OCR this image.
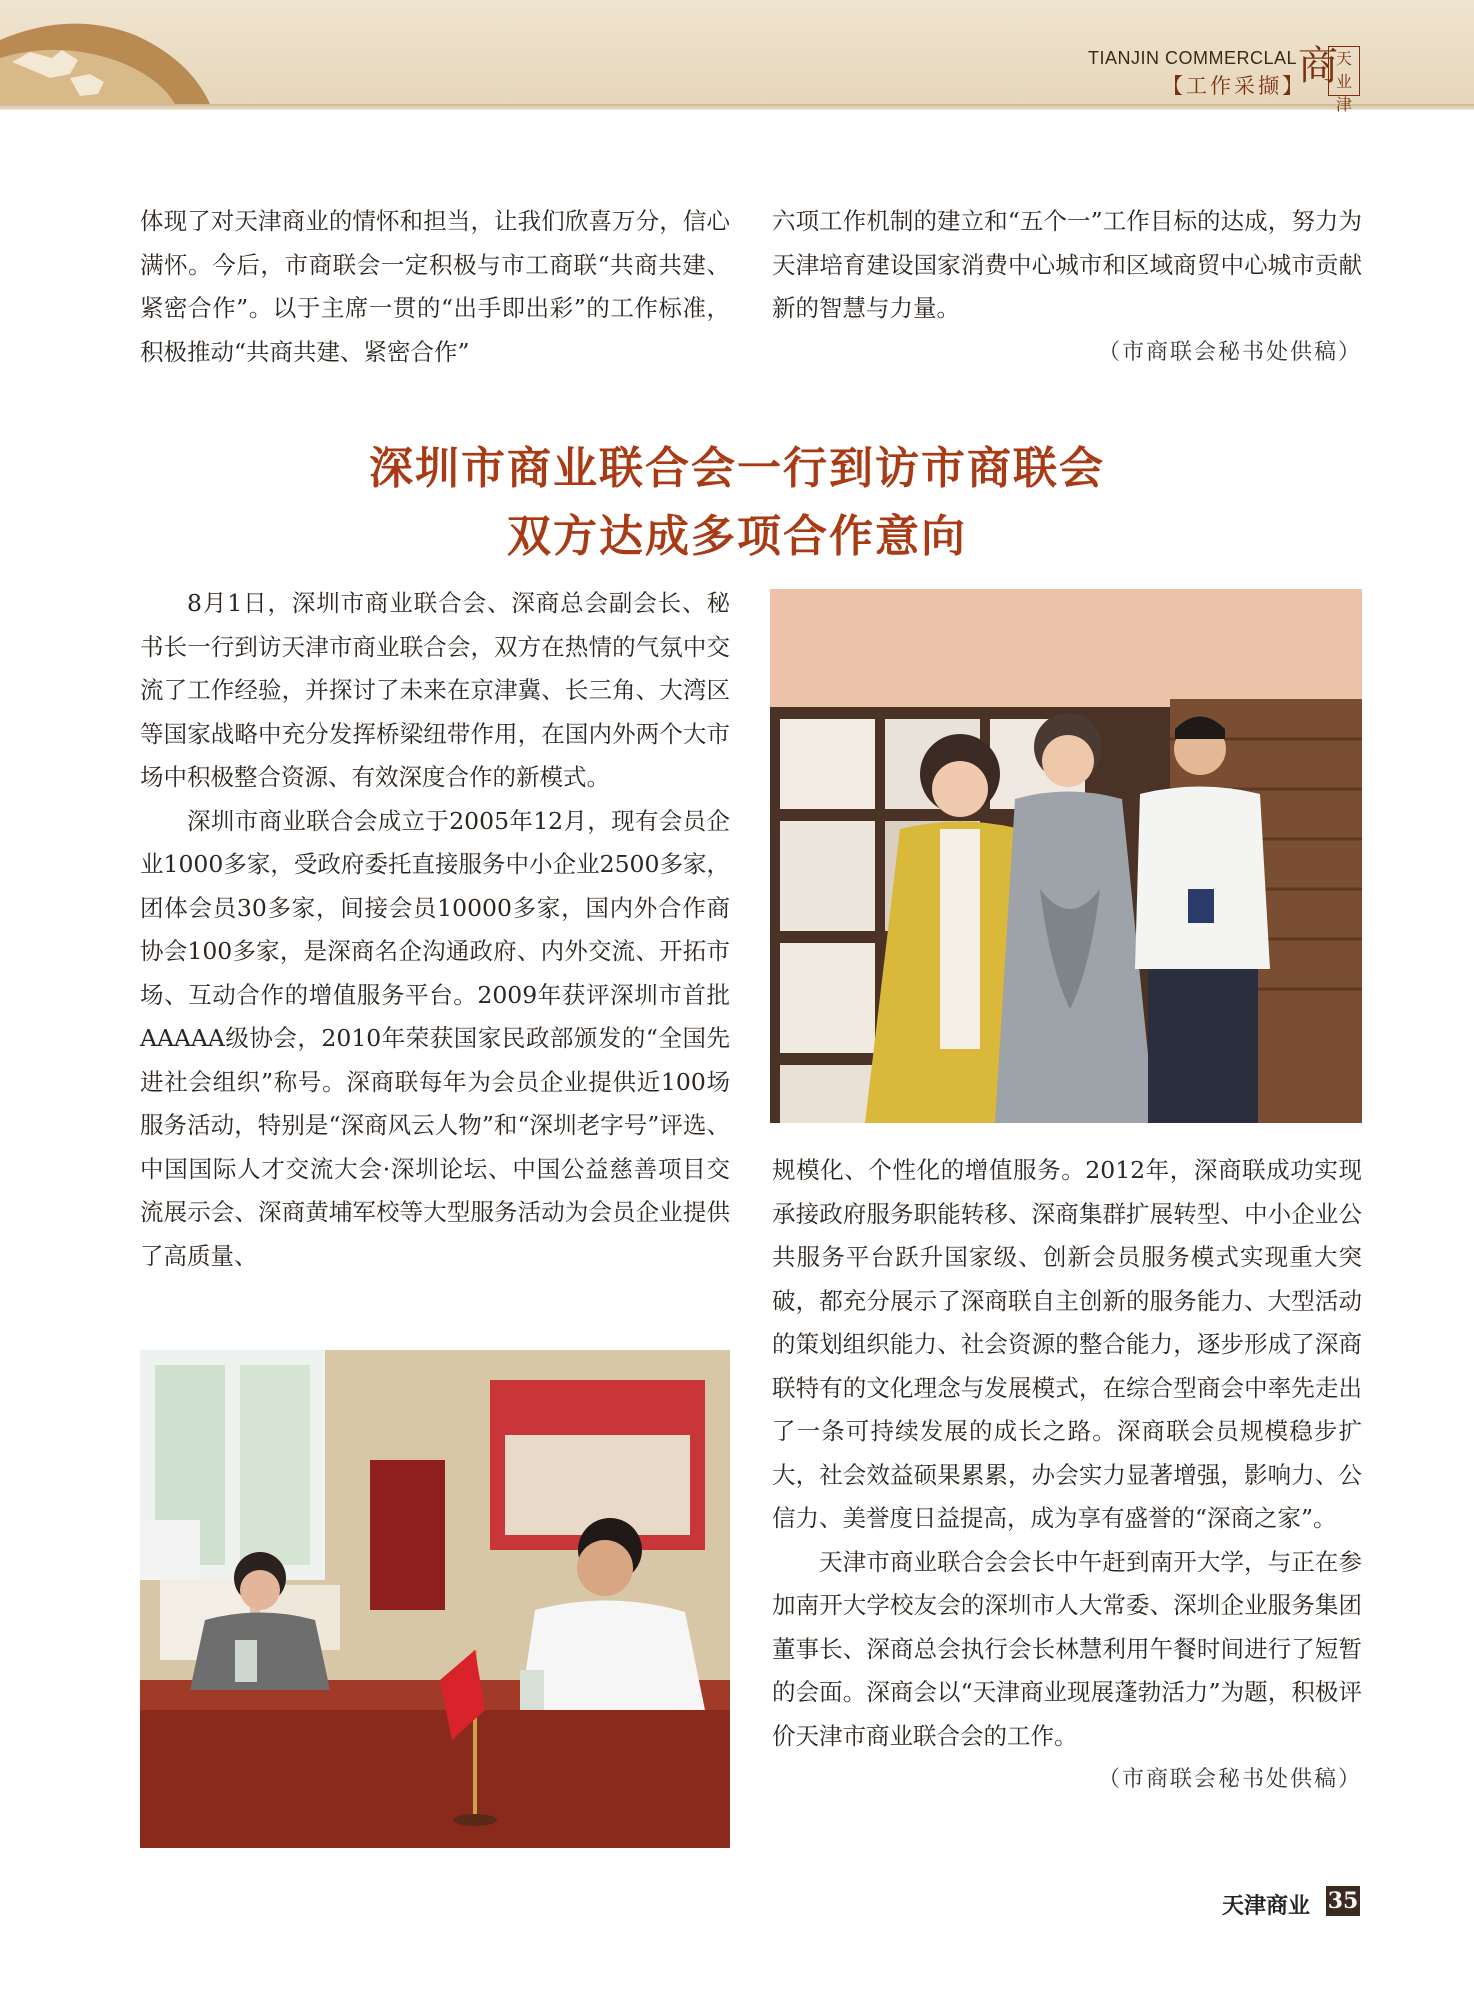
TIANJIN COMMERCLAL
【工作采撷】
商
天业津

体现了对天津商业的情怀和担当，让我们欣喜万分，信心满怀。今后，市商联会一定积极与市工商联“共商共建、紧密合作”。以于主席一贯的“出手即出彩”的工作标准，积极推动“共商共建、紧密合作”

六项工作机制的建立和“五个一”工作目标的达成，努力为天津培育建设国家消费中心城市和区域商贸中心城市贡献新的智慧与力量。

（市商联会秘书处供稿）

深圳市商业联合会一行到访市商联会
双方达成多项合作意向

8月1日，深圳市商业联合会、深商总会副会长、秘书长一行到访天津市商业联合会，双方在热情的气氛中交流了工作经验，并探讨了未来在京津冀、长三角、大湾区等国家战略中充分发挥桥梁纽带作用，在国内外两个大市场中积极整合资源、有效深度合作的新模式。

深圳市商业联合会成立于2005年12月，现有会员企业1000多家，受政府委托直接服务中小企业2500多家，团体会员30多家，间接会员10000多家，国内外合作商协会100多家，是深商名企沟通政府、内外交流、开拓市场、互动合作的增值服务平台。2009年获评深圳市首批AAAAA级协会，2010年荣获国家民政部颁发的“全国先进社会组织”称号。深商联每年为会员企业提供近100场服务活动，特别是“深商风云人物”和“深圳老字号”评选、中国国际人才交流大会·深圳论坛、中国公益慈善项目交流展示会、深商黄埔军校等大型服务活动为会员企业提供了高质量、

规模化、个性化的增值服务。2012年，深商联成功实现承接政府服务职能转移、深商集群扩展转型、中小企业公共服务平台跃升国家级、创新会员服务模式实现重大突破，都充分展示了深商联自主创新的服务能力、大型活动的策划组织能力、社会资源的整合能力，逐步形成了深商联特有的文化理念与发展模式，在综合型商会中率先走出了一条可持续发展的成长之路。深商联会员规模稳步扩大，社会效益硕果累累，办会实力显著增强，影响力、公信力、美誉度日益提高，成为享有盛誉的“深商之家”。

天津市商业联合会会长中午赶到南开大学，与正在参加南开大学校友会的深圳市人大常委、深圳企业服务集团董事长、深商总会执行会长林慧利用午餐时间进行了短暂的会面。深商会以“天津商业现展蓬勃活力”为题，积极评价天津市商业联合会的工作。

（市商联会秘书处供稿）

天津商业 35
